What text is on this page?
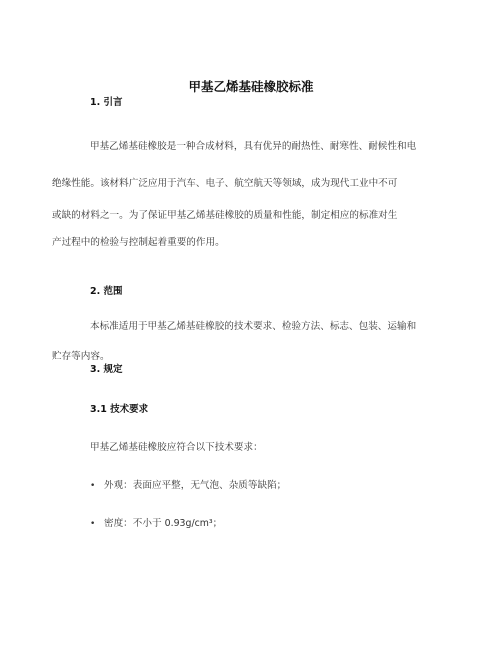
甲基乙烯基硅橡胶标准
1. 引言
2. 范围
3. 规定
3.1 技术要求
甲基乙烯基硅橡胶是一种合成材料，具有优异的耐热性、耐寒性、耐候性和电
绝缘性能。该材料广泛应用于汽车、电子、航空航天等领域，成为现代工业中不可
或缺的材料之一。为了保证甲基乙烯基硅橡胶的质量和性能，制定相应的标准对生
产过程中的检验与控制起着重要的作用。
本标准适用于甲基乙烯基硅橡胶的技术要求、检验方法、标志、包装、运输和
贮存等内容。
甲基乙烯基硅橡胶应符合以下技术要求：
• 外观：表面应平整，无气泡、杂质等缺陷；
• 密度：不小于 0.93g/cm³；
